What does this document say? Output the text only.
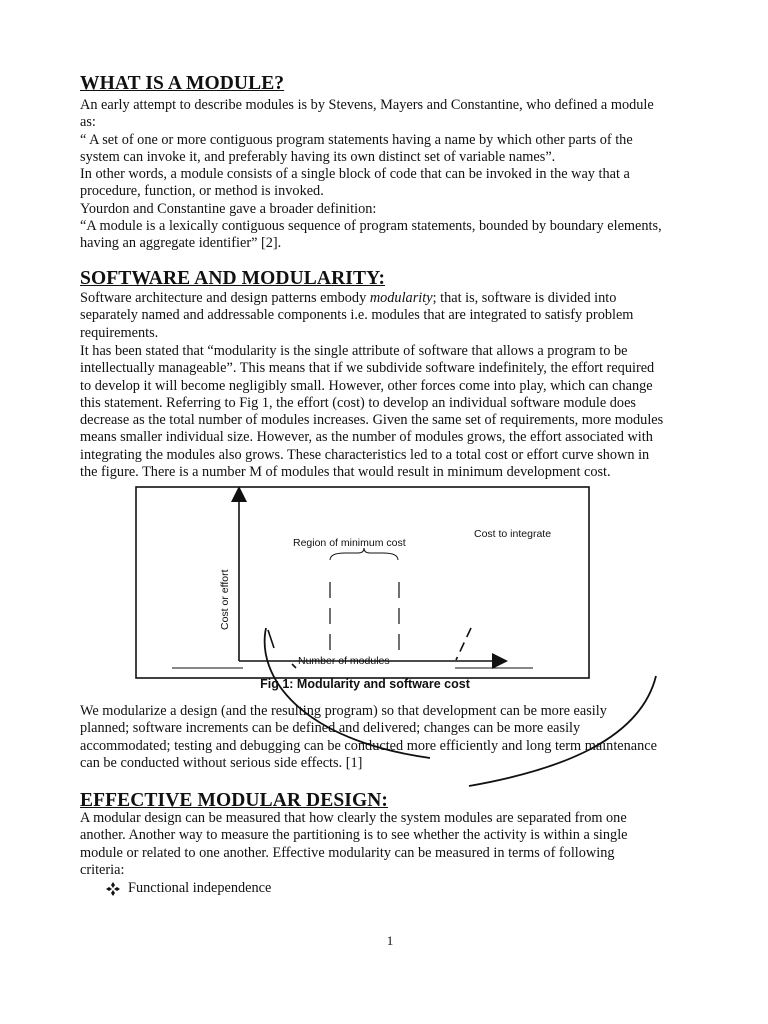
WHAT IS A MODULE?

An early attempt to describe modules is by Stevens, Mayers and Constantine, who defined a module
as:
“ A set of one or more contiguous program statements having a name by which other parts of the
system can invoke it, and preferably having its own distinct set of variable names”.
In other words, a module consists of a single block of code that can be invoked in the way that a
procedure, function, or method is invoked.
Yourdon and Constantine gave a broader definition:
“A module is a lexically contiguous sequence of program statements, bounded by boundary elements,
having an aggregate identifier” [2].

SOFTWARE AND MODULARITY:

Software architecture and design patterns embody modularity; that is, software is divided into
separately named and addressable components i.e. modules that are integrated to satisfy problem
requirements.

It has been stated that “modularity is the single attribute of software that allows a program to be
intellectually manageable”. This means that if we subdivide software indefinitely, the effort required
to develop it will become negligibly small. However, other forces come into play, which can change
this statement. Referring to Fig 1, the effort (cost) to develop an individual software module does
decrease as the total number of modules increases. Given the same set of requirements, more modules
means smaller individual size. However, as the number of modules grows, the effort associated with
integrating the modules also grows. These characteristics led to a total cost or effort curve shown in
the figure. There is a number M of modules that would result in minimum development cost.

Cost or effort
Number of modules
Region of minimum cost
Cost to integrate
Fig 1: Modularity and software cost

We modularize a design (and the resulting program) so that development can be more easily
planned; software increments can be defined and delivered; changes can be more easily
accommodated; testing and debugging can be conducted more efficiently and long term maintenance
can be conducted without serious side effects. [1]

EFFECTIVE MODULAR DESIGN:

A modular design can be measured that how clearly the system modules are separated from one
another. Another way to measure the partitioning is to see whether the activity is within a single
module or related to one another. Effective modularity can be measured in terms of following
criteria:

Functional independence
1
